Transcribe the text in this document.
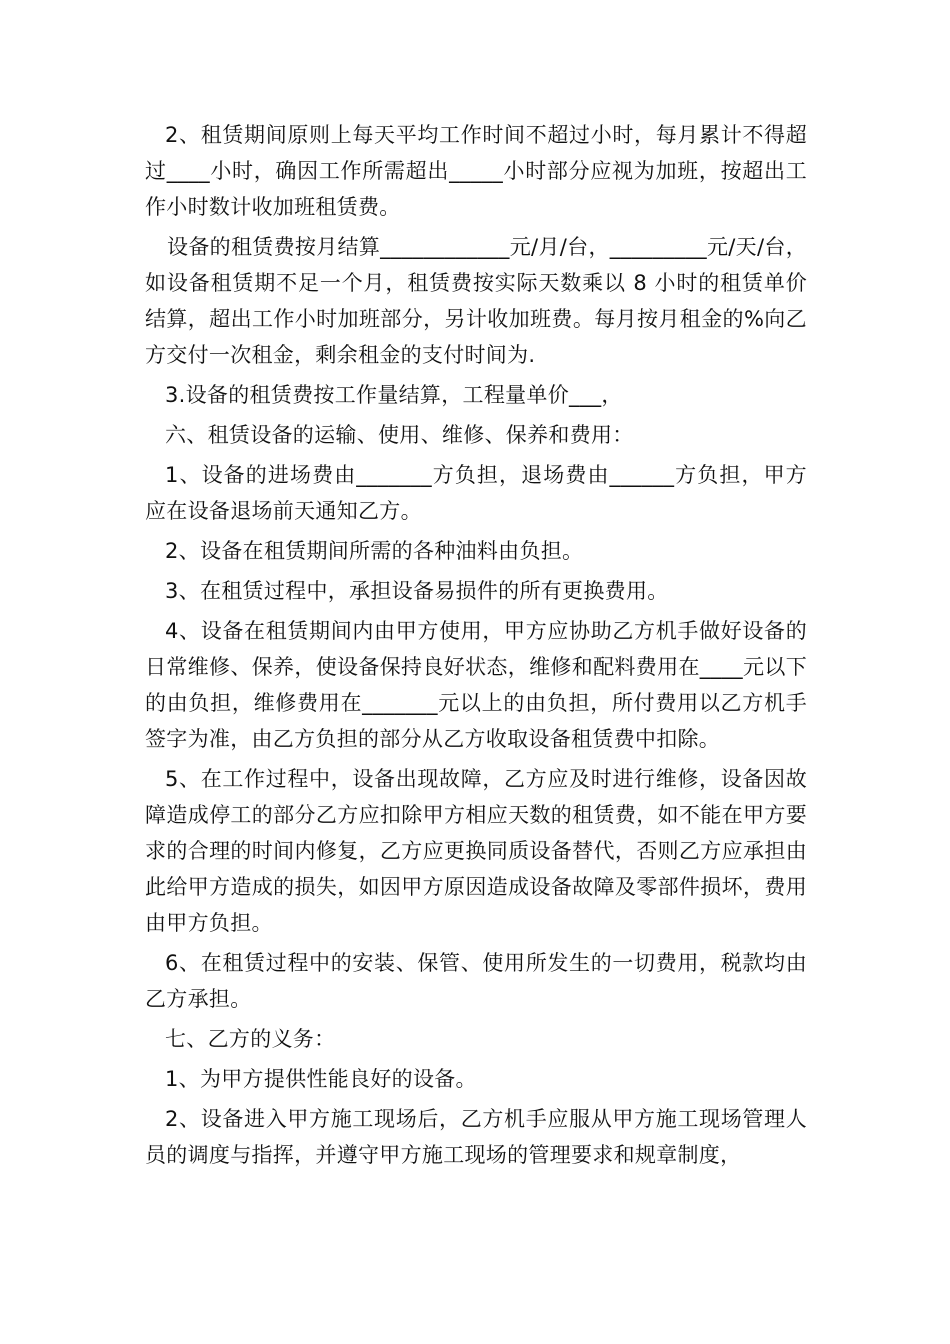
2、租赁期间原则上每天平均工作时间不超过小时，每月累计不得超过____小时，确因工作所需超出_____小时部分应视为加班，按超出工作小时数计收加班租赁费。

设备的租赁费按月结算____________元/月/台，_________元/天/台，如设备租赁期不足一个月，租赁费按实际天数乘以 8 小时的租赁单价结算，超出工作小时加班部分，另计收加班费。每月按月租金的%向乙方交付一次租金，剩余租金的支付时间为.

3.设备的租赁费按工作量结算，工程量单价___，

六、租赁设备的运输、使用、维修、保养和费用：

1、设备的进场费由_______方负担，退场费由______方负担，甲方应在设备退场前天通知乙方。

2、设备在租赁期间所需的各种油料由负担。

3、在租赁过程中，承担设备易损件的所有更换费用。

4、设备在租赁期间内由甲方使用，甲方应协助乙方机手做好设备的日常维修、保养，使设备保持良好状态，维修和配料费用在____元以下的由负担，维修费用在_______元以上的由负担，所付费用以乙方机手签字为准，由乙方负担的部分从乙方收取设备租赁费中扣除。

5、在工作过程中，设备出现故障，乙方应及时进行维修，设备因故障造成停工的部分乙方应扣除甲方相应天数的租赁费，如不能在甲方要求的合理的时间内修复，乙方应更换同质设备替代，否则乙方应承担由此给甲方造成的损失，如因甲方原因造成设备故障及零部件损坏，费用由甲方负担。

6、在租赁过程中的安装、保管、使用所发生的一切费用，税款均由乙方承担。

七、乙方的义务：

1、为甲方提供性能良好的设备。

2、设备进入甲方施工现场后，乙方机手应服从甲方施工现场管理人员的调度与指挥，并遵守甲方施工现场的管理要求和规章制度，
